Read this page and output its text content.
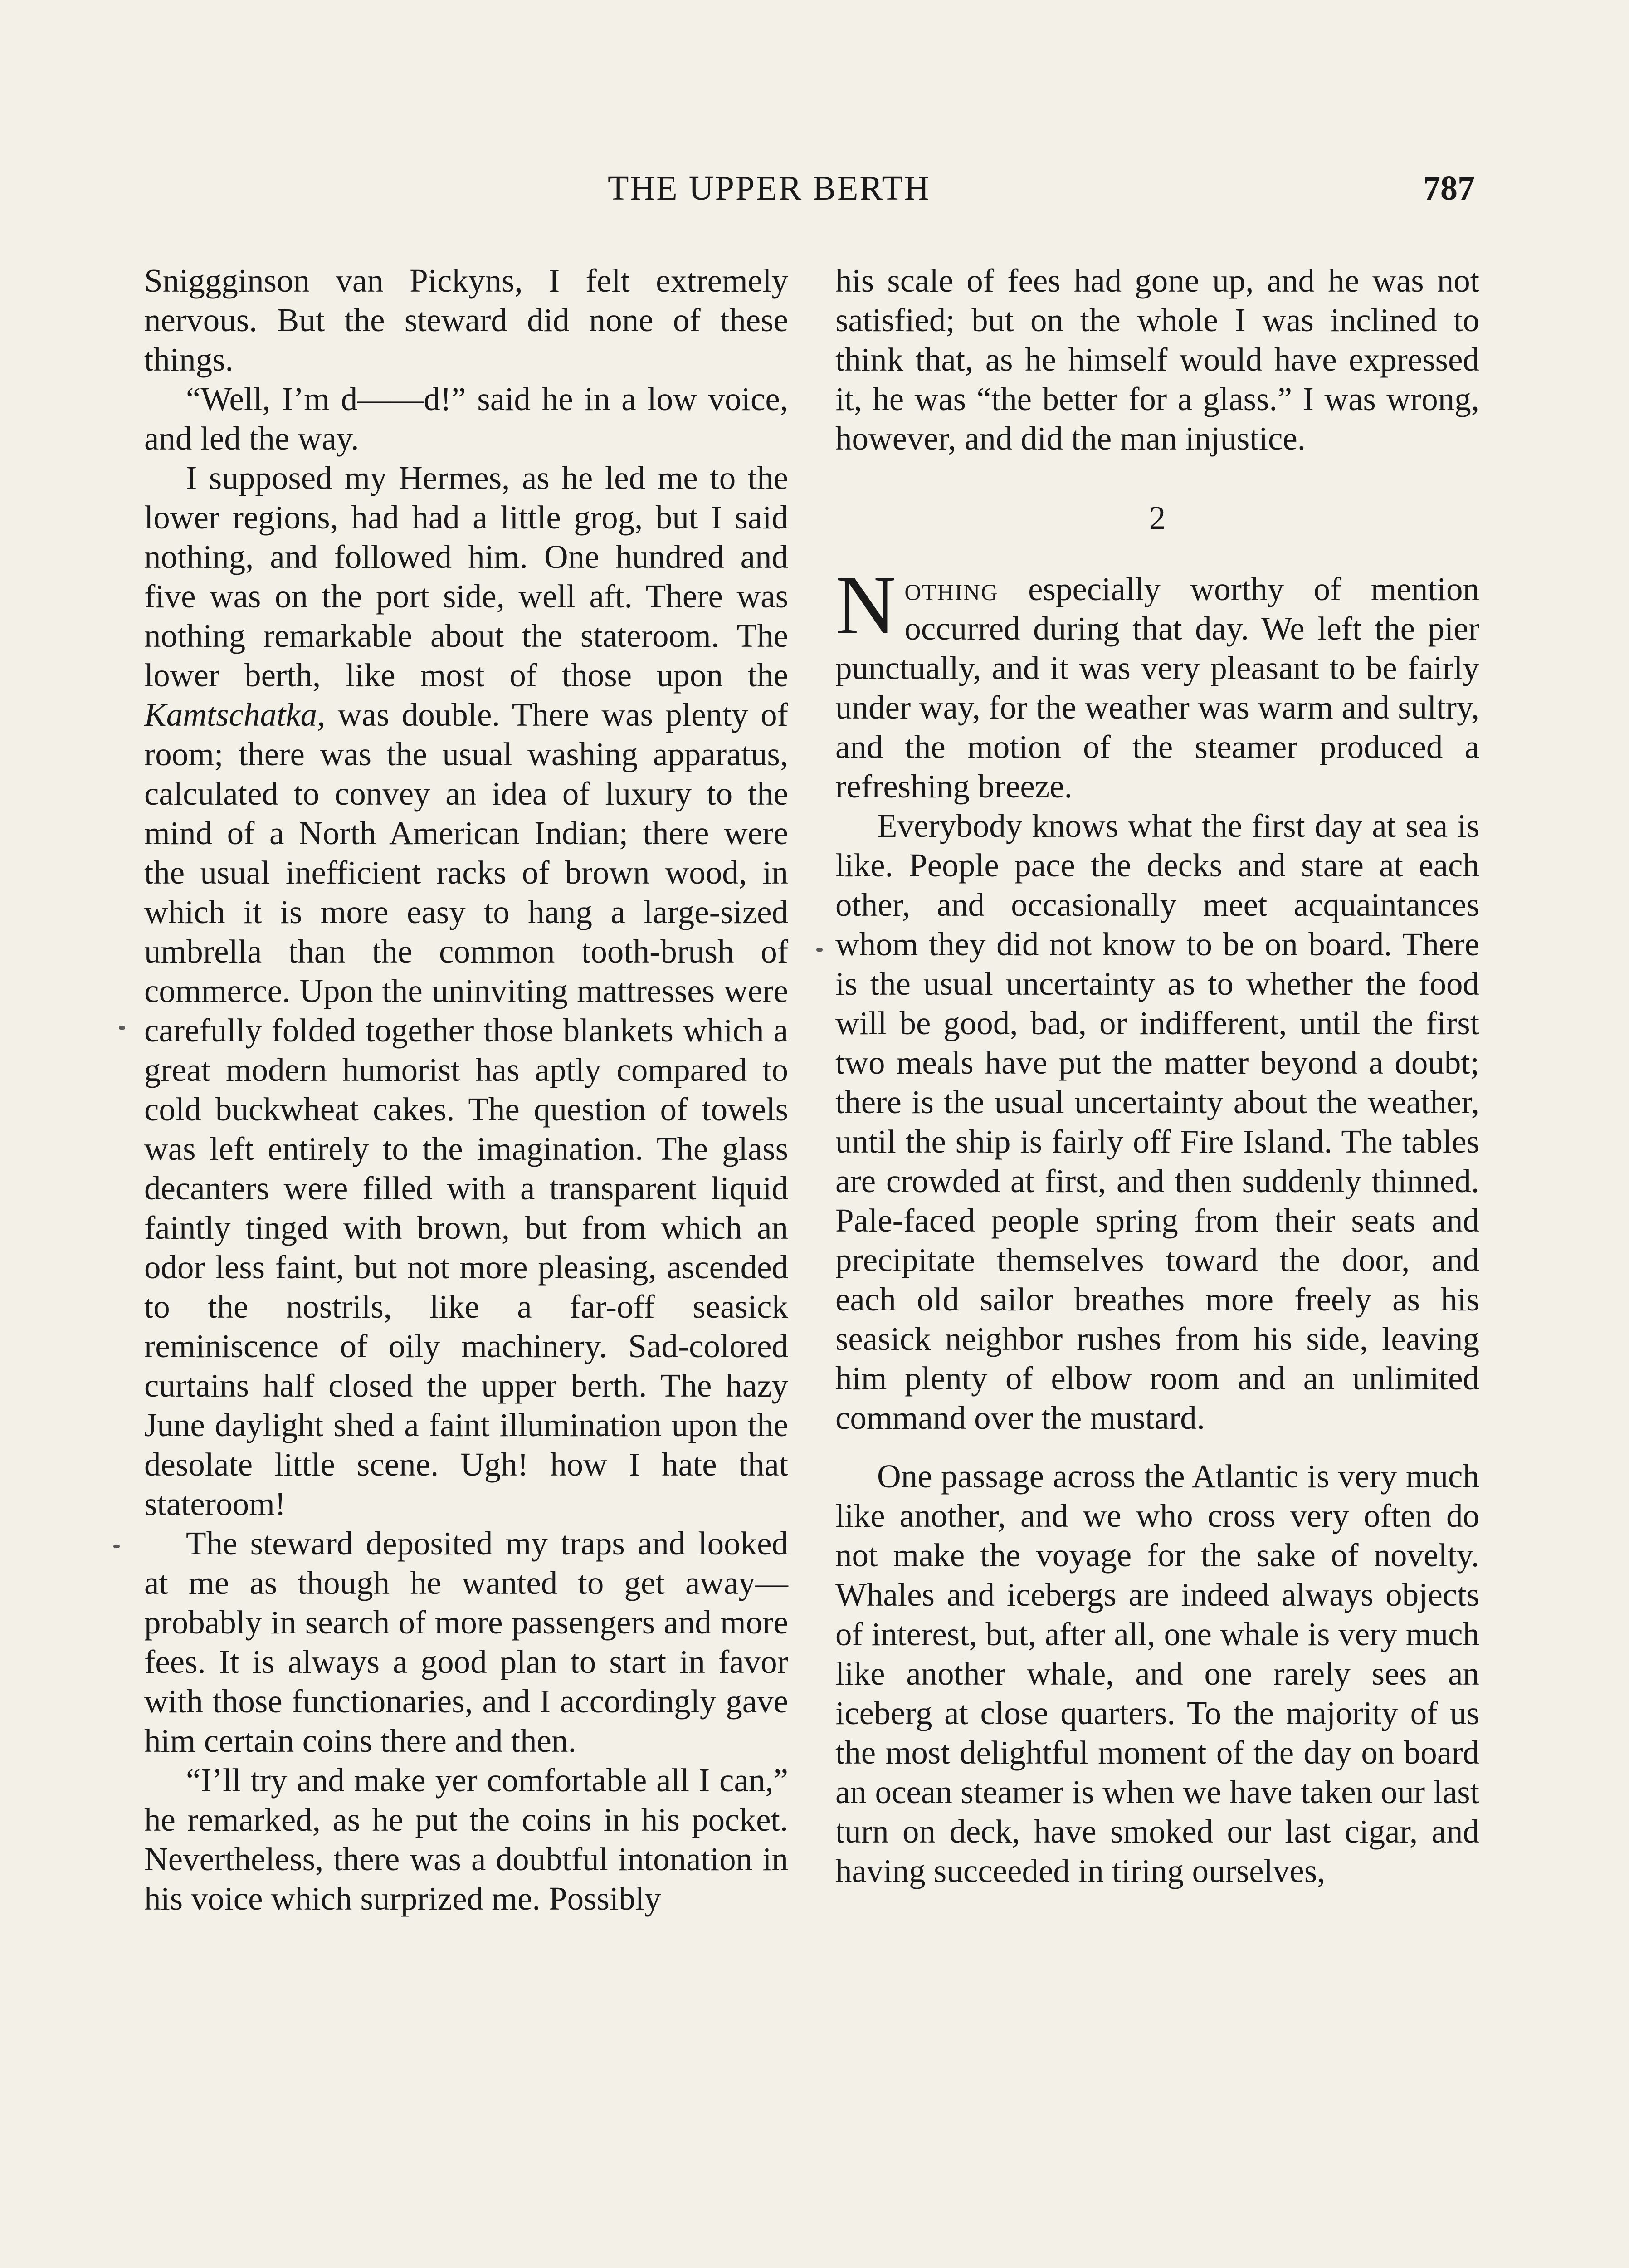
THE UPPER BERTH	787

Sniggginson van Pickyns, I felt extremely nervous. But the steward did none of these things.

“Well, I’m d——d!” said he in a low voice, and led the way.

I supposed my Hermes, as he led me to the lower regions, had had a little grog, but I said nothing, and followed him. One hundred and five was on the port side, well aft. There was nothing remarkable about the stateroom. The lower berth, like most of those upon the Kamtschatka, was double. There was plenty of room; there was the usual washing apparatus, calculated to convey an idea of luxury to the mind of a North American Indian; there were the usual inefficient racks of brown wood, in which it is more easy to hang a large-sized umbrella than the common tooth-brush of commerce. Upon the uninviting mattresses were carefully folded together those blankets which a great modern humorist has aptly compared to cold buckwheat cakes. The question of towels was left entirely to the imagination. The glass decanters were filled with a transparent liquid faintly tinged with brown, but from which an odor less faint, but not more pleasing, ascended to the nostrils, like a far-off seasick reminiscence of oily machinery. Sad-colored curtains half closed the upper berth. The hazy June daylight shed a faint illumination upon the desolate little scene. Ugh! how I hate that stateroom!

The steward deposited my traps and looked at me as though he wanted to get away—probably in search of more passengers and more fees. It is always a good plan to start in favor with those functionaries, and I accordingly gave him certain coins there and then.

“I’ll try and make yer comfortable all I can,” he remarked, as he put the coins in his pocket. Nevertheless, there was a doubtful intonation in his voice which surprized me. Possibly

his scale of fees had gone up, and he was not satisfied; but on the whole I was inclined to think that, as he himself would have expressed it, he was “the better for a glass.” I was wrong, however, and did the man injustice.

2

Nothing especially worthy of mention occurred during that day. We left the pier punctually, and it was very pleasant to be fairly under way, for the weather was warm and sultry, and the motion of the steamer produced a refreshing breeze.

Everybody knows what the first day at sea is like. People pace the decks and stare at each other, and occasionally meet acquaintances whom they did not know to be on board. There is the usual uncertainty as to whether the food will be good, bad, or indifferent, until the first two meals have put the matter beyond a doubt; there is the usual uncertainty about the weather, until the ship is fairly off Fire Island. The tables are crowded at first, and then suddenly thinned. Pale-faced people spring from their seats and precipitate themselves toward the door, and each old sailor breathes more freely as his seasick neighbor rushes from his side, leaving him plenty of elbow room and an unlimited command over the mustard.

One passage across the Atlantic is very much like another, and we who cross very often do not make the voyage for the sake of novelty. Whales and icebergs are indeed always objects of interest, but, after all, one whale is very much like another whale, and one rarely sees an iceberg at close quarters. To the majority of us the most delightful moment of the day on board an ocean steamer is when we have taken our last turn on deck, have smoked our last cigar, and having succeeded in tiring ourselves,
